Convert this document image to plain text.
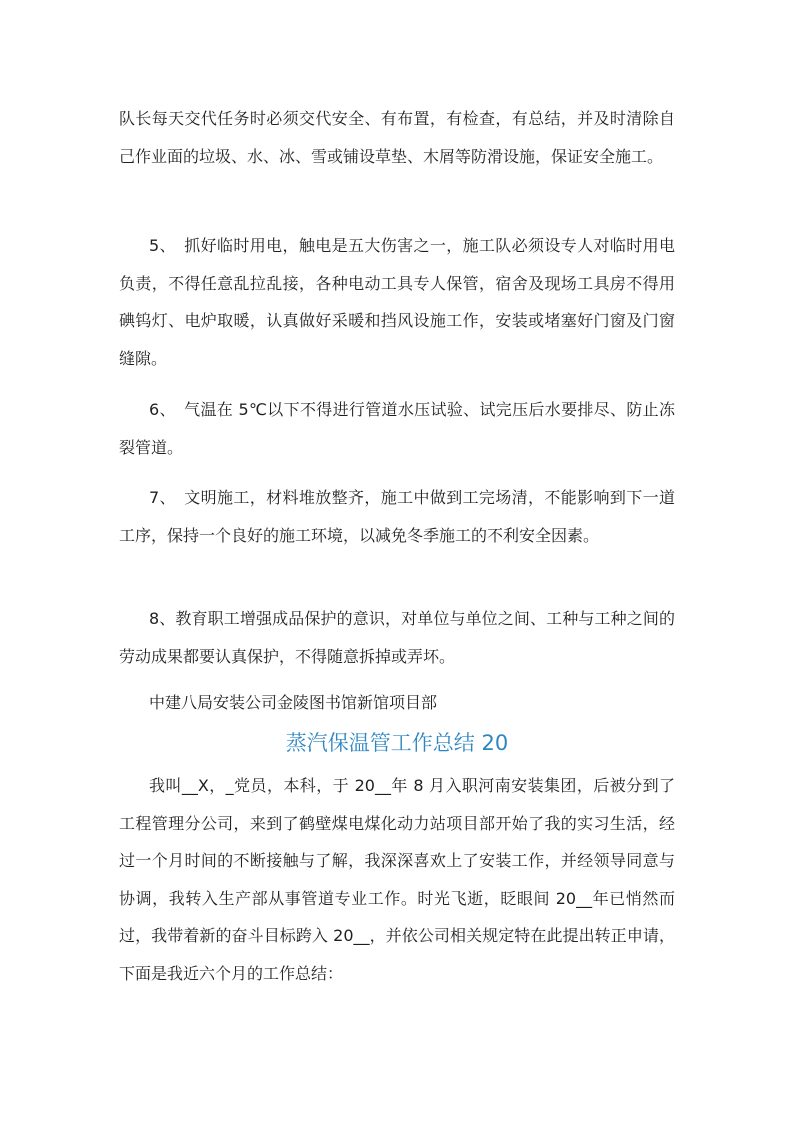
队长每天交代任务时必须交代安全、有布置，有检查，有总结，并及时清除自己作业面的垃圾、水、冰、雪或铺设草垫、木屑等防滑设施，保证安全施工。

5、　抓好临时用电，触电是五大伤害之一，施工队必须设专人对临时用电负责，不得任意乱拉乱接，各种电动工具专人保管，宿舍及现场工具房不得用碘钨灯、电炉取暖，认真做好采暖和挡风设施工作，安装或堵塞好门窗及门窗缝隙。

6、　气温在 5℃以下不得进行管道水压试验、试完压后水要排尽、防止冻裂管道。

7、　文明施工，材料堆放整齐，施工中做到工完场清，不能影响到下一道工序，保持一个良好的施工环境，以减免冬季施工的不利安全因素。

8、教育职工增强成品保护的意识，对单位与单位之间、工种与工种之间的劳动成果都要认真保护，不得随意拆掉或弄坏。

中建八局安装公司金陵图书馆新馆项目部

蒸汽保温管工作总结 20

我叫__X，_党员，本科，于 20__年 8 月入职河南安装集团，后被分到了工程管理分公司，来到了鹤壁煤电煤化动力站项目部开始了我的实习生活，经过一个月时间的不断接触与了解，我深深喜欢上了安装工作，并经领导同意与协调，我转入生产部从事管道专业工作。时光飞逝，眨眼间 20__年已悄然而过，我带着新的奋斗目标跨入 20__，并依公司相关规定特在此提出转正申请，下面是我近六个月的工作总结：
